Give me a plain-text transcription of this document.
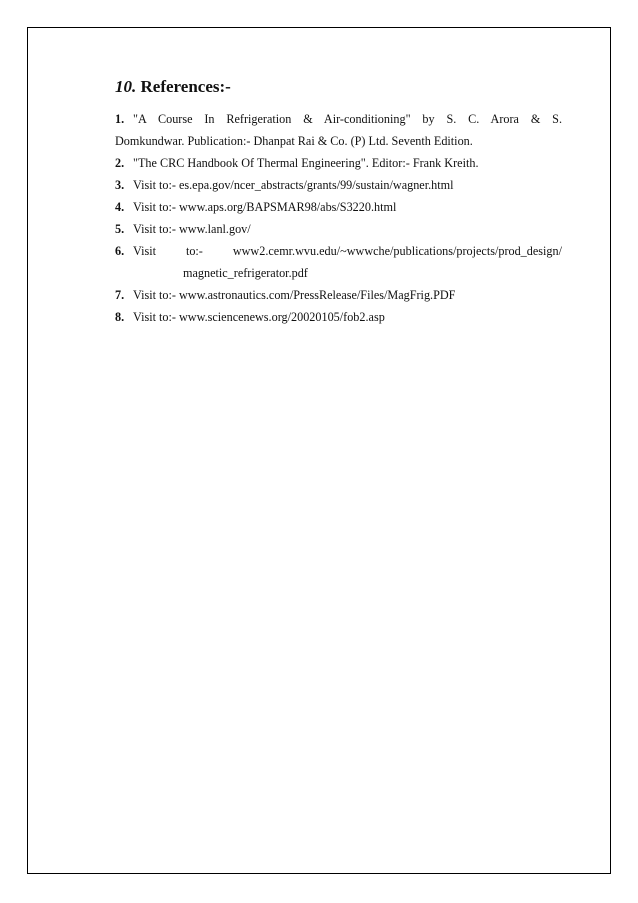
10. References:-
1. "A Course In Refrigeration & Air-conditioning" by S. C. Arora & S.
Domkundwar. Publication:- Dhanpat Rai & Co. (P) Ltd. Seventh Edition.
2. "The CRC Handbook Of Thermal Engineering". Editor:- Frank Kreith.
3. Visit to:- es.epa.gov/ncer_abstracts/grants/99/sustain/wagner.html
4. Visit to:- www.aps.org/BAPSMAR98/abs/S3220.html
5. Visit to:- www.lanl.gov/
6. Visit to:- www2.cemr.wvu.edu/~wwwche/publications/projects/prod_design/
magnetic_refrigerator.pdf
7. Visit to:- www.astronautics.com/PressRelease/Files/MagFrig.PDF
8. Visit to:- www.sciencenews.org/20020105/fob2.asp
